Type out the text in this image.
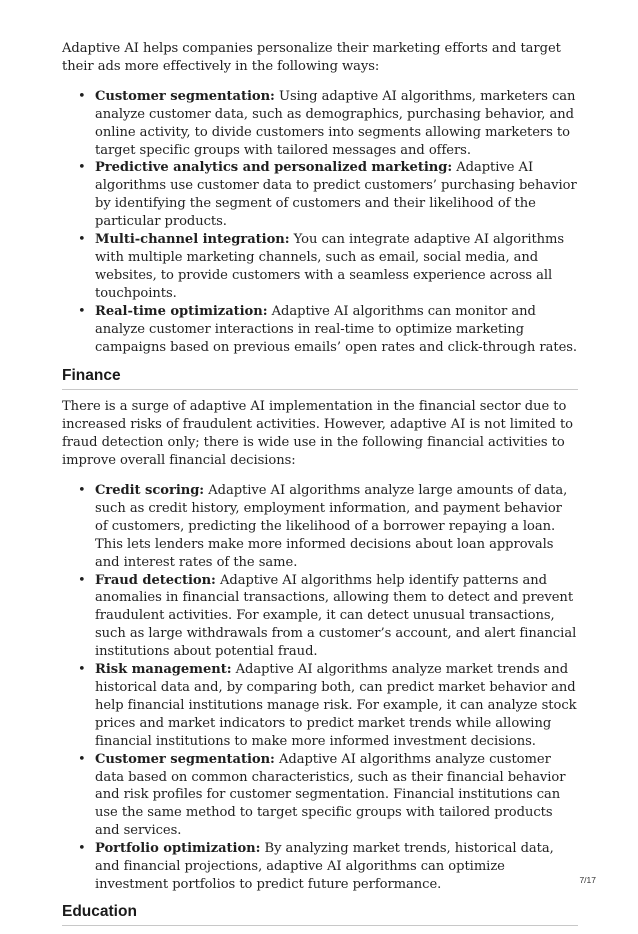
Adaptive AI helps companies personalize their marketing efforts and target their ads more effectively in the following ways:

• Customer segmentation: Using adaptive AI algorithms, marketers can analyze customer data, such as demographics, purchasing behavior, and online activity, to divide customers into segments allowing marketers to target specific groups with tailored messages and offers.
• Predictive analytics and personalized marketing: Adaptive AI algorithms use customer data to predict customers’ purchasing behavior by identifying the segment of customers and their likelihood of the particular products.
• Multi-channel integration: You can integrate adaptive AI algorithms with multiple marketing channels, such as email, social media, and websites, to provide customers with a seamless experience across all touchpoints.
• Real-time optimization: Adaptive AI algorithms can monitor and analyze customer interactions in real-time to optimize marketing campaigns based on previous emails’ open rates and click-through rates.
Finance

There is a surge of adaptive AI implementation in the financial sector due to increased risks of fraudulent activities. However, adaptive AI is not limited to fraud detection only; there is wide use in the following financial activities to improve overall financial decisions:

• Credit scoring: Adaptive AI algorithms analyze large amounts of data, such as credit history, employment information, and payment behavior of customers, predicting the likelihood of a borrower repaying a loan. This lets lenders make more informed decisions about loan approvals and interest rates of the same.
• Fraud detection: Adaptive AI algorithms help identify patterns and anomalies in financial transactions, allowing them to detect and prevent fraudulent activities. For example, it can detect unusual transactions, such as large withdrawals from a customer’s account, and alert financial institutions about potential fraud.
• Risk management: Adaptive AI algorithms analyze market trends and historical data and, by comparing both, can predict market behavior and help financial institutions manage risk. For example, it can analyze stock prices and market indicators to predict market trends while allowing financial institutions to make more informed investment decisions.
• Customer segmentation: Adaptive AI algorithms analyze customer data based on common characteristics, such as their financial behavior and risk profiles for customer segmentation. Financial institutions can use the same method to target specific groups with tailored products and services.
• Portfolio optimization: By analyzing market trends, historical data, and financial projections, adaptive AI algorithms can optimize investment portfolios to predict future performance.
Education
7/17
